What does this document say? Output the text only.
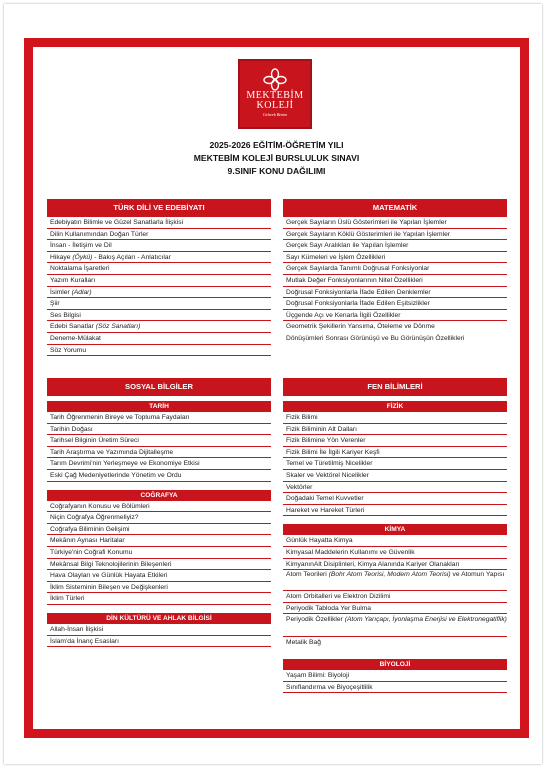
MEKTEBİM
KOLEJİ
Gelecek Benim
2025-2026 EĞİTİM-ÖĞRETİM YILI
MEKTEBİM KOLEJİ BURSLULUK SINAVI
9.SINIF KONU DAĞILIMI
TÜRK DİLİ VE EDEBİYATI
Edebiyatın Bilimle ve Güzel Sanatlarla İlişkisi
Dilin Kullanımından Doğan Türler
İnsan - İletişim ve Dil
Hikaye (Öykü) - Bakış Açıları - Anlatıcılar
Noktalama İşaretleri
Yazım Kuralları
İsimler (Adlar)
Şiir
Ses Bilgisi
Edebi Sanatlar (Söz Sanatları)
Deneme-Mülakat
Söz Yorumu
MATEMATİK
Gerçek Sayıların Üslü Gösterimleri ile Yapılan İşlemler
Gerçek Sayıların Köklü Gösterimleri ile Yapılan İşlemler
Gerçek Sayı Aralıkları ile Yapılan İşlemler
Sayı Kümeleri ve İşlem Özellikleri
Gerçek Sayılarda Tanımlı Doğrusal Fonksiyonlar
Mutlak Değer Fonksiyonlarının Nitel Özellikleri
Doğrusal Fonksiyonlarla İfade Edilen Denklemler
Doğrusal Fonksiyonlarla İfade Edilen Eşitsizlikler
Üçgende Açı ve Kenarla İlgili Özellikler
Geometrik Şekillerin Yansıma, Öteleme ve Dönme
Dönüşümleri Sonrası Görünüşü ve Bu Görünüşün Özellikleri
SOSYAL BİLGİLER
TARİH
Tarih Öğrenmenin Bireye ve Topluma Faydaları
Tarihin Doğası
Tarihsel Bilginin Üretim Süreci
Tarih Araştırma ve Yazımında Dijitalleşme
Tarım Devrimi'nin Yerleşmeye ve Ekonomiye Etkisi
Eski Çağ Medeniyetlerinde Yönetim ve Ordu
COĞRAFYA
Coğrafyanın Konusu ve Bölümleri
Niçin Coğrafya Öğrenmeliyiz?
Coğrafya Biliminin Gelişimi
Mekânın Aynası Haritalar
Türkiye'nin Coğrafi Konumu
Mekânsal Bilgi Teknolojilerinin Bileşenleri
Hava Olayları ve Günlük Hayata Etkileri
İklim Sisteminin Bileşen ve Değişkenleri
İklim Türleri
DİN KÜLTÜRÜ VE AHLAK BİLGİSİ
Allah-İnsan İlişkisi
İslam'da İnanç Esasları
FEN BİLİMLERİ
FİZİK
Fizik Bilimi
Fizik Biliminin Alt Dalları
Fizik Bilimine Yön Verenler
Fizik Bilimi İle İlgili Kariyer Keşfi
Temel ve Türetilmiş Nicelikler
Skaler ve Vektörel Nicelikler
Vektörler
Doğadaki Temel Kuvvetler
Hareket ve Hareket Türleri
KİMYA
Günlük Hayatta Kimya
Kimyasal Maddelerin Kullanımı ve Güvenlik
KimyanınAlt Disiplinleri, Kimya Alanında Kariyer Olanakları
Atom Teorileri (Bohr Atom Teorisi, Modern Atom Teorisi) ve Atomun Yapısı
Atom Orbitalleri ve Elektron Dizilimi
Periyodik Tabloda Yer Bulma
Periyodik Özellikler (Atom Yarıçapı, İyonlaşma Enerjisi ve Elektronegatiflik)
Metalik Bağ
BİYOLOJİ
Yaşam Bilimi: Biyoloji
Sınıflandırma ve Biyoçeşitlilik
